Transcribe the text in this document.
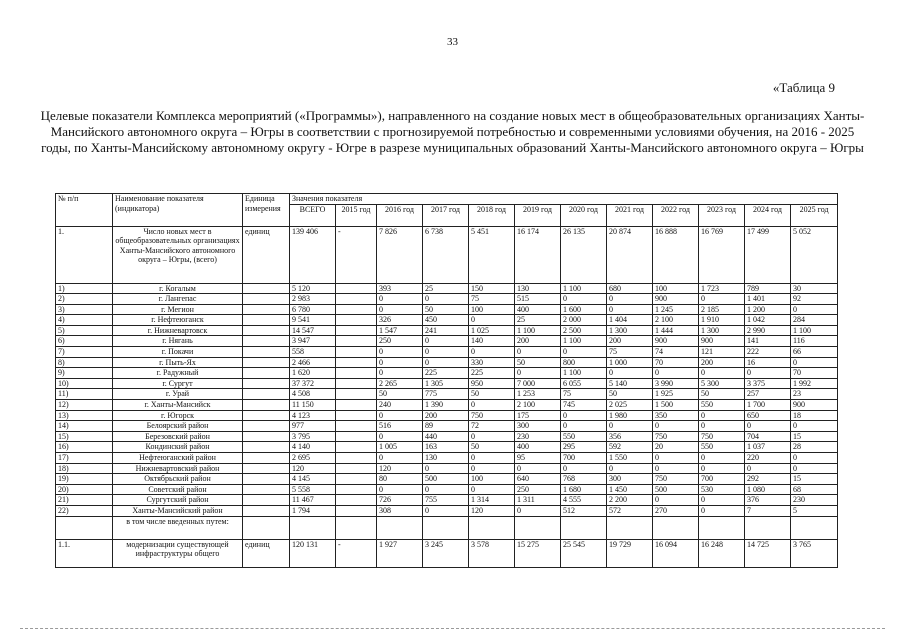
33
«Таблица 9
Целевые показатели Комплекса мероприятий («Программы»), направленного на создание новых мест в общеобразовательных организациях Ханты-Мансийского автономного округа – Югры в соответствии с прогнозируемой потребностью и современными условиями обучения, на 2016 - 2025 годы, по Ханты-Мансийскому автономному округу - Югре в разрезе муниципальных образований Ханты-Мансийского автономного округа – Югры
№ п/п	Наименование показателя (индикатора)	Единица измерения	Значения показателя											
			ВСЕГО	2015 год	2016 год	2017 год	2018 год	2019 год	2020 год	2021 год	2022 год	2023 год	2024 год	2025 год
1.	Число новых мест в общеобразовательных организациях Ханты-Мансийского автономного округа – Югры, (всего)	единиц	139 406	-	7 826	6 738	5 451	16 174	26 135	20 874	16 888	16 769	17 499	5 052
1)	г. Когалым		5 120		393	25	150	130	1 100	680	100	1 723	789	30
2)	г. Лангепас		2 983		0	0	75	515	0	0	900	0	1 401	92
3)	г. Мегион		6 780		0	50	100	400	1 600	0	1 245	2 185	1 200	0
4)	г. Нефтеюганск		9 541		326	450	0	25	2 000	1 404	2 100	1 910	1 042	284
5)	г. Нижневартовск		14 547		1 547	241	1 025	1 100	2 500	1 300	1 444	1 300	2 990	1 100
6)	г. Нягань		3 947		250	0	140	200	1 100	200	900	900	141	116
7)	г. Покачи		558		0	0	0	0	0	75	74	121	222	66
8)	г. Пыть-Ях		2 466		0	0	330	50	800	1 000	70	200	16	0
9)	г. Радужный		1 620		0	225	225	0	1 100	0	0	0	0	70
10)	г. Сургут		37 372		2 265	1 305	950	7 000	6 055	5 140	3 990	5 300	3 375	1 992
11)	г. Урай		4 508		50	775	50	1 253	75	50	1 925	50	257	23
12)	г. Ханты-Мансийск		11 150		240	1 390	0	2 100	745	2 025	1 500	550	1 700	900
13)	г. Югорск		4 123		0	200	750	175	0	1 980	350	0	650	18
14)	Белоярский район		977		516	89	72	300	0	0	0	0	0	0
15)	Березовский район		3 795		0	440	0	230	550	356	750	750	704	15
16)	Кондинский район		4 140		1 005	163	50	400	295	592	20	550	1 037	28
17)	Нефтеюганский район		2 695		0	130	0	95	700	1 550	0	0	220	0
18)	Нижневартовский район		120		120	0	0	0	0	0	0	0	0	0
19)	Октябрьский район		4 145		80	500	100	640	768	300	750	700	292	15
20)	Советский район		5 558		0	0	0	250	1 680	1 450	500	530	1 080	68
21)	Сургутский район		11 467		726	755	1 314	1 311	4 555	2 200	0	0	376	230
22)	Ханты-Мансийский район		1 794		308	0	120	0	512	572	270	0	7	5
	в том числе введенных путем:													
1.1.	модернизации существующей инфраструктуры общего	единиц	120 131	-	1 927	3 245	3 578	15 275	25 545	19 729	16 094	16 248	14 725	3 765
